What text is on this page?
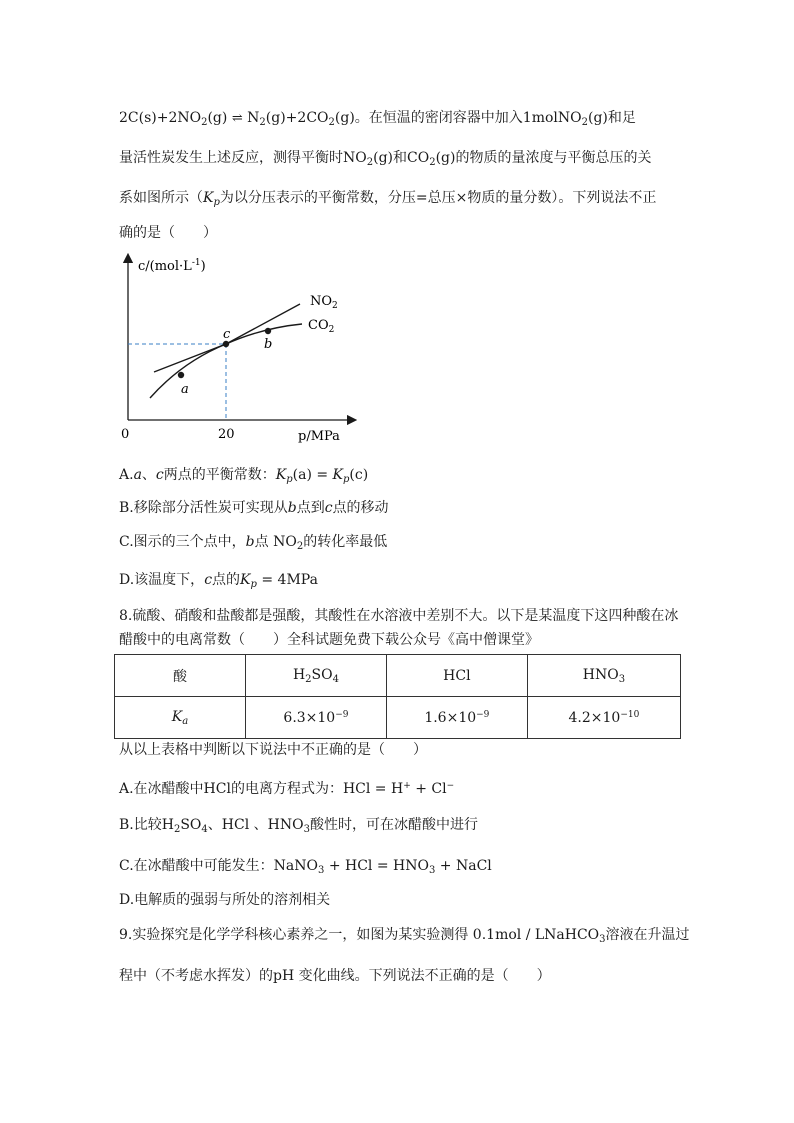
$2C(s)+2NO_2(g)$ ⇌ $N_2(g)+2CO_2(g)$。在恒温的密闭容器中加入1molNO$_2$(g)和足
量活性炭发生上述反应，测得平衡时$NO_2(g)$和$CO_2(g)$的物质的量浓度与平衡总压的关
系如图所示（$K_p$为以分压表示的平衡常数，分压=总压×物质的量分数）。下列说法不正
确的是（　　）
$c/(mol\cdot L^{-1})$
p/MPa
0	20
$NO_2$
$CO_2$
a
c
b
A.a、c两点的平衡常数：$K_p(a) = K_p(c)$
B.移除部分活性炭可实现从b点到c点的移动
C.图示的三个点中，b点 $NO_2$的转化率最低
D.该温度下，c点的$K_p = 4MPa$
8.硫酸、硝酸和盐酸都是强酸，其酸性在水溶液中差别不大。以下是某温度下这四种酸在冰
醋酸中的电离常数（　　）全科试题免费下载公众号《高中僧课堂》
酸	$H_2SO_4$	HCl	$HNO_3$
$K_a$	$6.3\times 10^{-9}$	$1.6\times 10^{-9}$	$4.2\times 10^{-10}$
从以上表格中判断以下说法中不正确的是（　　）
A.在冰醋酸中HCl的电离方程式为：HCl = H+ + Cl−
B.比较$H_2SO_4$、HCl 、$HNO_3$酸性时，可在冰醋酸中进行
C.在冰醋酸中可能发生：NaNO$_3$ + HCl = $HNO_3$ + NaCl
D.电解质的强弱与所处的溶剂相关
9.实验探究是化学学科核心素养之一，如图为某实验测得 0.1mol / LNaHCO$_3$溶液在升温过
程中（不考虑水挥发）的pH 变化曲线。下列说法不正确的是（　　）
